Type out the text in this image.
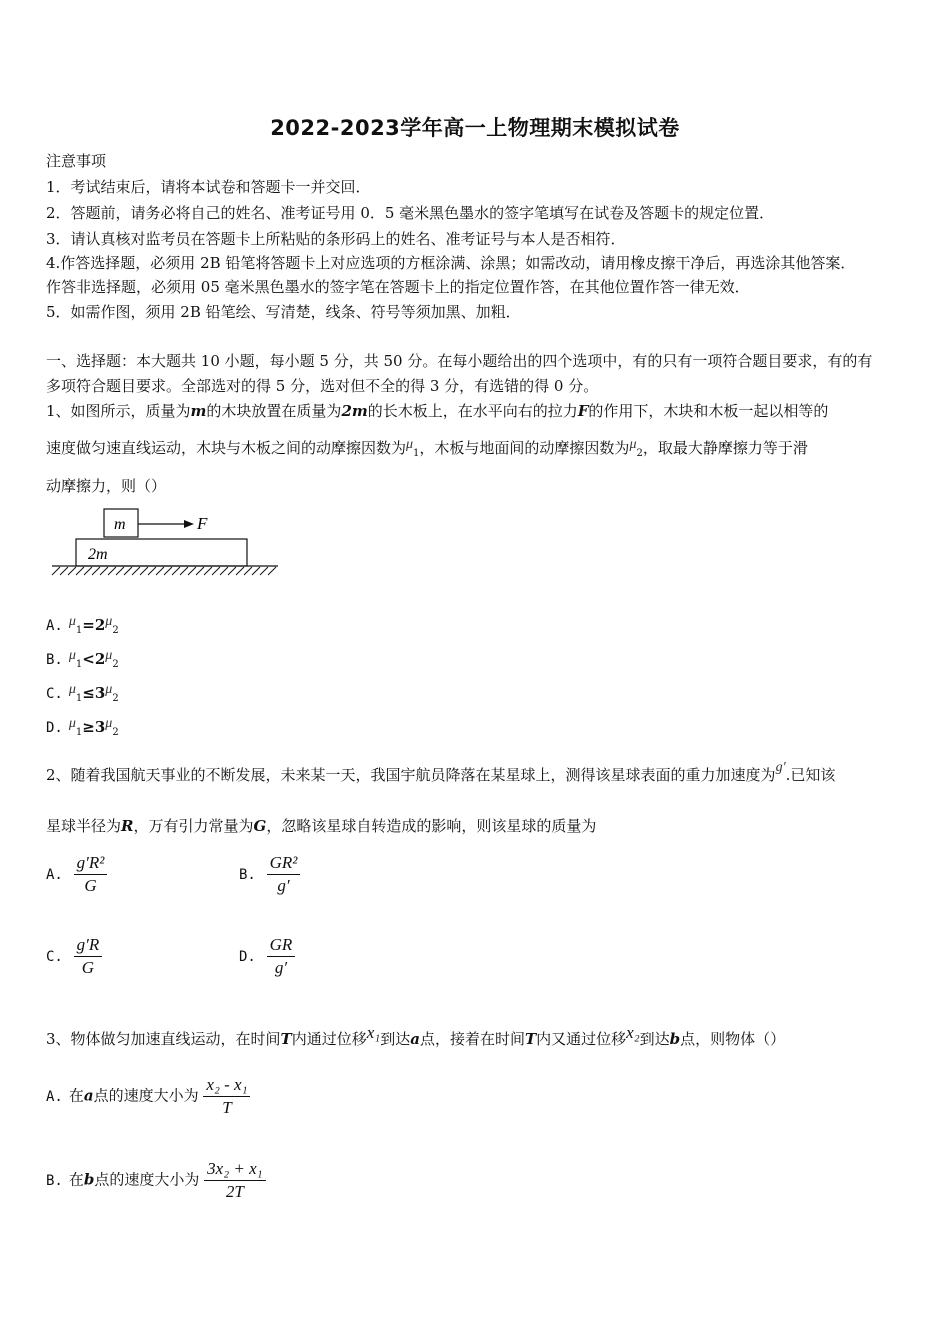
2022-2023学年高一上物理期末模拟试卷
注意事项
1．考试结束后，请将本试卷和答题卡一并交回．
2．答题前，请务必将自己的姓名、准考证号用 0．5 毫米黑色墨水的签字笔填写在试卷及答题卡的规定位置．
3．请认真核对监考员在答题卡上所粘贴的条形码上的姓名、准考证号与本人是否相符．
4.作答选择题，必须用 2B 铅笔将答题卡上对应选项的方框涂满、涂黑；如需改动，请用橡皮擦干净后，再选涂其他答案．
作答非选择题，必须用 05 毫米黑色墨水的签字笔在答题卡上的指定位置作答，在其他位置作答一律无效．
5．如需作图，须用 2B 铅笔绘、写清楚，线条、符号等须加黑、加粗．
一、选择题：本大题共 10 小题，每小题 5 分，共 50 分。在每小题给出的四个选项中，有的只有一项符合题目要求，有的有
多项符合题目要求。全部选对的得 5 分，选对但不全的得 3 分，有选错的得 0 分。
1、如图所示，质量为m的木块放置在质量为2m的长木板上，在水平向右的拉力F的作用下，木块和木板一起以相等的
速度做匀速直线运动，木块与木板之间的动摩擦因数为$\mu_1$，木板与地面间的动摩擦因数为$\mu_2$，取最大静摩擦力等于滑
动摩擦力，则（）
m	F
2m
A. $\mu_1=2\mu_2$
B. $\mu_1<2\mu_2$
C. $\mu_1\le 3\mu_2$
D. $\mu_1\ge 3\mu_2$
2、随着我国航天事业的不断发展，未来某一天，我国宇航员降落在某星球上，测得该星球表面的重力加速度为g′.已知该
星球半径为R，万有引力常量为G，忽略该星球自转造成的影响，则该星球的质量为
A. $\frac{\text{g′R²}}{G}$	B. $\frac{\text{GR²}}{g'}$
C. $\frac{g'R}{G}$	D. $\frac{GR}{g'}$
3、物体做匀加速直线运动，在时间T内通过位移x₁到达a点，接着在时间T内又通过位移x₂到达b点，则物体（）
A. 在a点的速度大小为 $\frac{\text{x₂ - x₁}}{T}$
B. 在b点的速度大小为 $\frac{\text{3x₂ + x₁}}{2T}$
